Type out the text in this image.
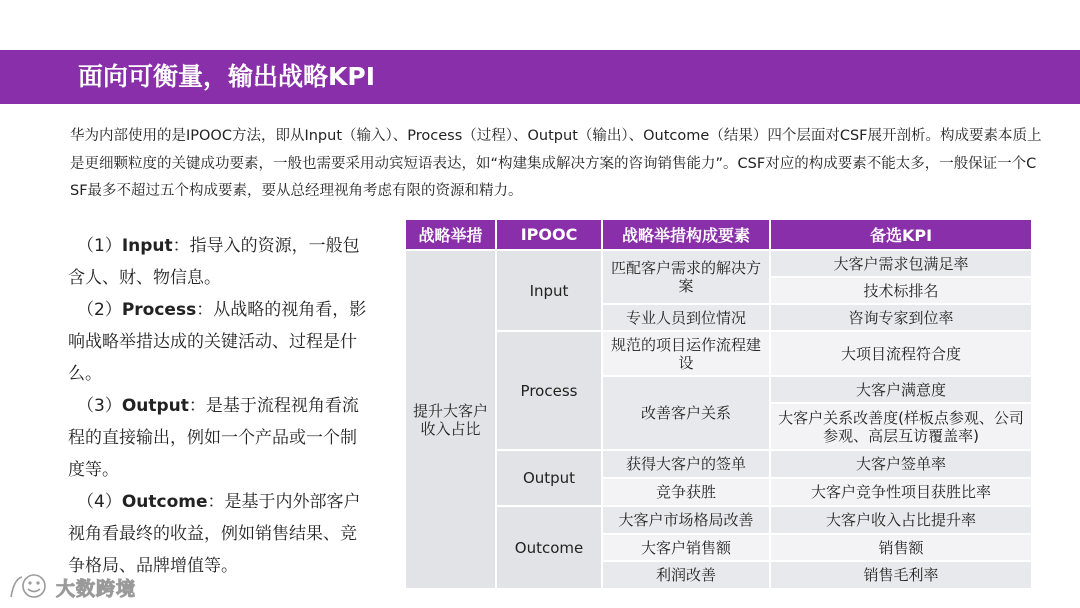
面向可衡量，输出战略KPI

华为内部使用的是IPOOC方法，即从Input（输入）、Process（过程）、Output（输出）、Outcome（结果）四个层面对CSF展开剖析。构成要素本质上是更细颗粒度的关键成功要素，一般也需要采用动宾短语表达，如“构建集成解决方案的咨询销售能力”。CSF对应的构成要素不能太多，一般保证一个CSF最多不超过五个构成要素，要从总经理视角考虑有限的资源和精力。

（1）Input：指导入的资源，一般包含人、财、物信息。

（2）Process：从战略的视角看，影响战略举措达成的关键活动、过程是什么。

（3）Output：是基于流程视角看流程的直接输出，例如一个产品或一个制度等。

（4）Outcome：是基于内外部客户视角看最终的收益，例如销售结果、竞争格局、品牌增值等。

战略举措	IPOOC	战略举措构成要素	备选KPI
提升大客户收入占比	Input	匹配客户需求的解决方案	大客户需求包满足率
			技术标排名
		专业人员到位情况	咨询专家到位率
	Process	规范的项目运作流程建设	大项目流程符合度
		改善客户关系	大客户满意度
			大客户关系改善度(样板点参观、公司参观、高层互访覆盖率)
	Output	获得大客户的签单	大客户签单率
		竞争获胜	大客户竞争性项目获胜比率
	Outcome	大客户市场格局改善	大客户收入占比提升率
		大客户销售额	销售额
		利润改善	销售毛利率
大数跨境
